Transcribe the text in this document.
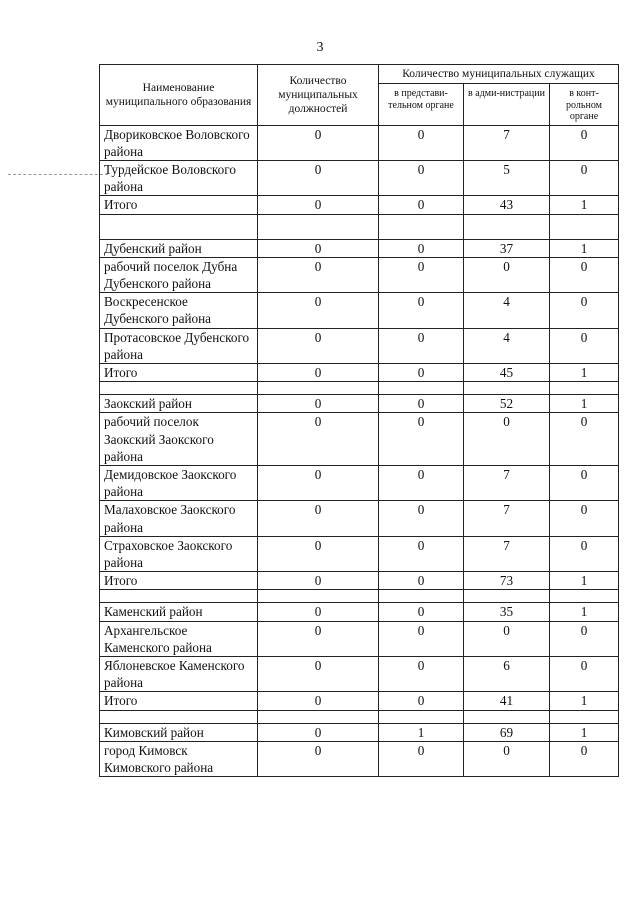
3
Наименование муниципального образования	Количество муниципальных должностей	Количество муниципальных служащих		
		в представи-тельном органе	в адми-нистрации	в конт-рольном органе
Двориковское Воловского района	0	0	7	0
Турдейское Воловского района	0	0	5	0
Итого	0	0	43	1

Дубенский район	0	0	37	1
рабочий поселок Дубна Дубенского района	0	0	0	0
Воскресенское Дубенского района	0	0	4	0
Протасовское Дубенского района	0	0	4	0
Итого	0	0	45	1

Заокский район	0	0	52	1
рабочий поселок Заокский Заокского района	0	0	0	0
Демидовское Заокского района	0	0	7	0
Малаховское Заокского района	0	0	7	0
Страховское Заокского района	0	0	7	0
Итого	0	0	73	1

Каменский район	0	0	35	1
Архангельское Каменского района	0	0	0	0
Яблоневское Каменского района	0	0	6	0
Итого	0	0	41	1

Кимовский район	0	1	69	1
город Кимовск Кимовского района	0	0	0	0
